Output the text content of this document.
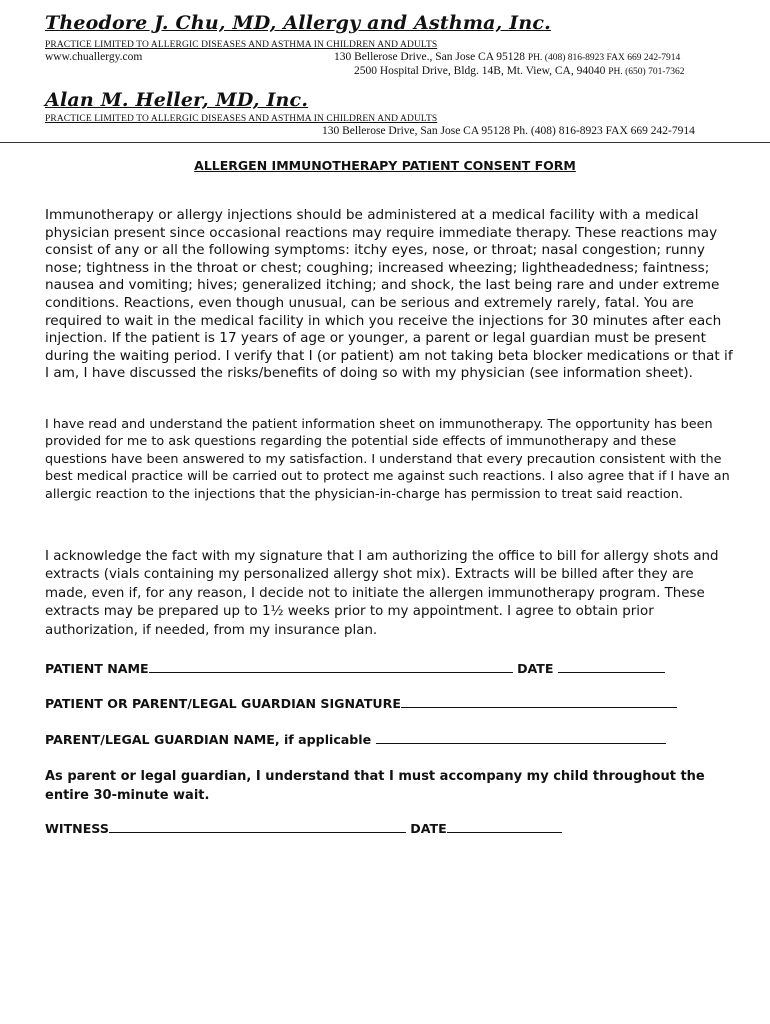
Theodore J. Chu, MD, Allergy and Asthma, Inc.
PRACTICE LIMITED TO ALLERGIC DISEASES AND ASTHMA IN CHILDREN AND ADULTS
www.chuallergy.com	130 Bellerose Drive., San Jose CA 95128 PH. (408) 816-8923 FAX 669 242-7914
2500 Hospital Drive, Bldg. 14B, Mt. View, CA, 94040 PH. (650) 701-7362
Alan M. Heller, MD, Inc.
PRACTICE LIMITED TO ALLERGIC DISEASES AND ASTHMA IN CHILDREN AND ADULTS
130 Bellerose Drive, San Jose CA 95128 Ph. (408) 816-8923 FAX 669 242-7914
ALLERGEN IMMUNOTHERAPY PATIENT CONSENT FORM
Immunotherapy or allergy injections should be administered at a medical facility with a medical physician present since occasional reactions may require immediate therapy. These reactions may consist of any or all the following symptoms: itchy eyes, nose, or throat; nasal congestion; runny nose; tightness in the throat or chest; coughing; increased wheezing; lightheadedness; faintness; nausea and vomiting; hives; generalized itching; and shock, the last being rare and under extreme conditions. Reactions, even though unusual, can be serious and extremely rarely, fatal. You are required to wait in the medical facility in which you receive the injections for 30 minutes after each injection. If the patient is 17 years of age or younger, a parent or legal guardian must be present during the waiting period. I verify that I (or patient) am not taking beta blocker medications or that if I am, I have discussed the risks/benefits of doing so with my physician (see information sheet).
I have read and understand the patient information sheet on immunotherapy. The opportunity has been provided for me to ask questions regarding the potential side effects of immunotherapy and these questions have been answered to my satisfaction. I understand that every precaution consistent with the best medical practice will be carried out to protect me against such reactions. I also agree that if I have an allergic reaction to the injections that the physician-in-charge has permission to treat said reaction.
I acknowledge the fact with my signature that I am authorizing the office to bill for allergy shots and extracts (vials containing my personalized allergy shot mix). Extracts will be billed after they are made, even if, for any reason, I decide not to initiate the allergen immunotherapy program. These extracts may be prepared up to 1½ weeks prior to my appointment. I agree to obtain prior authorization, if needed, from my insurance plan.
PATIENT NAME	DATE
PATIENT OR PARENT/LEGAL GUARDIAN SIGNATURE
PARENT/LEGAL GUARDIAN NAME, if applicable
As parent or legal guardian, I understand that I must accompany my child throughout the entire 30-minute wait.
WITNESS	DATE
